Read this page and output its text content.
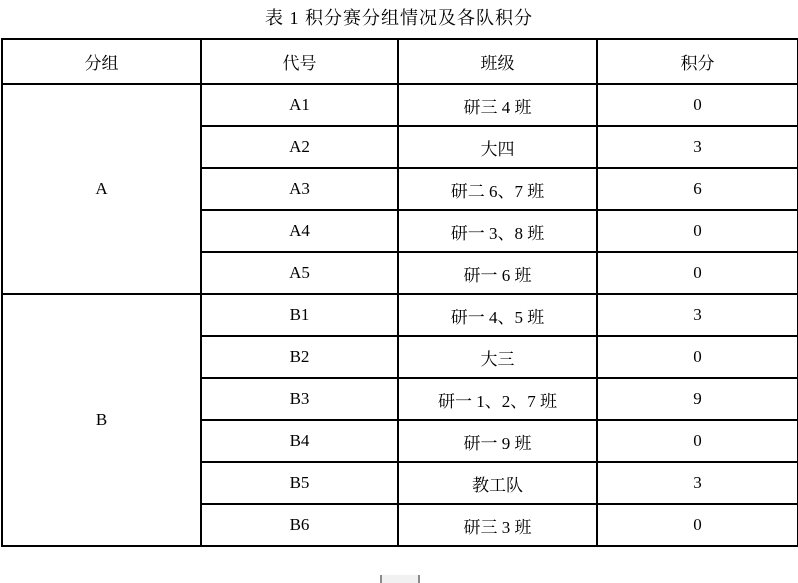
表 1 积分赛分组情况及各队积分
分组	代号	班级	积分
A	A1	研三 4 班	0
	A2	大四	3
	A3	研二 6、7 班	6
	A4	研一 3、8 班	0
	A5	研一 6 班	0
B	B1	研一 4、5 班	3
	B2	大三	0
	B3	研一 1、2、7 班	9
	B4	研一 9 班	0
	B5	教工队	3
	B6	研三 3 班	0
